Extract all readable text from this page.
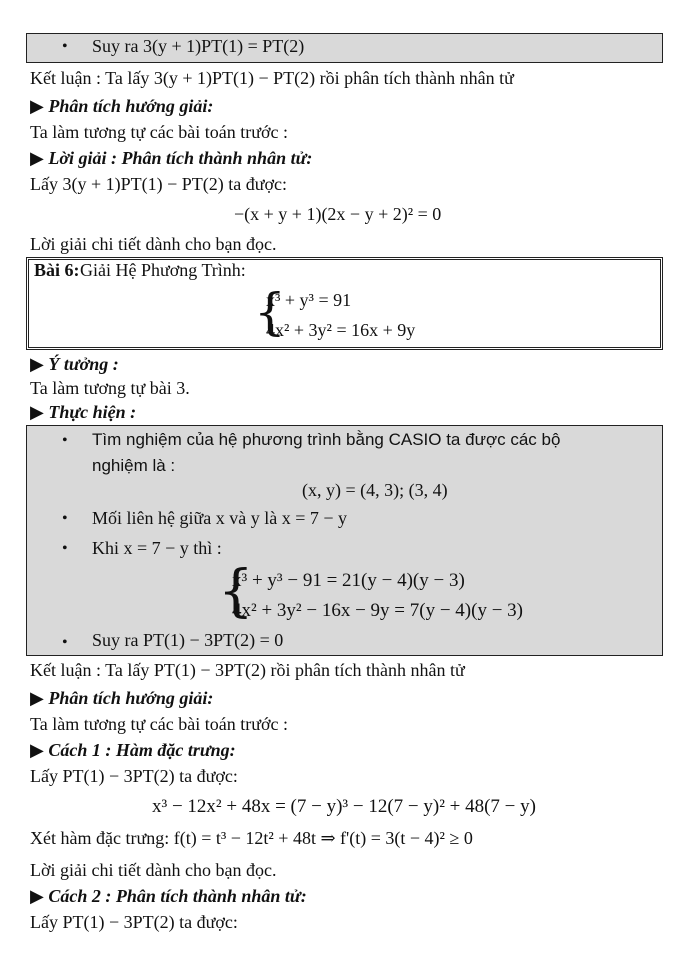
• Suy ra 3(y + 1)PT(1) = PT(2)
Kết luận : Ta lấy 3(y + 1)PT(1) − PT(2) rồi phân tích thành nhân tử
▶ Phân tích hướng giải:
Ta làm tương tự các bài toán trước :
▶ Lời giải : Phân tích thành nhân tử:
Lấy 3(y + 1)PT(1) − PT(2) ta được:
−(x + y + 1)(2x − y + 2)² = 0
Lời giải chi tiết dành cho bạn đọc.
Bài 6: Giải Hệ Phương Trình:
{
x³ + y³ = 91
4x² + 3y² = 16x + 9y
▶ Ý tưởng :
Ta làm tương tự bài 3.
▶ Thực hiện :
• Tìm nghiệm của hệ phương trình bằng CASIO ta được các bộ
nghiệm là :
(x, y) = (4, 3); (3, 4)
• Mối liên hệ giữa x và y là x = 7 − y
• Khi x = 7 − y thì :
{
x³ + y³ − 91 = 21(y − 4)(y − 3)
4x² + 3y² − 16x − 9y = 7(y − 4)(y − 3)
• Suy ra PT(1) − 3PT(2) = 0
Kết luận : Ta lấy PT(1) − 3PT(2) rồi phân tích thành nhân tử
▶ Phân tích hướng giải:
Ta làm tương tự các bài toán trước :
▶ Cách 1 : Hàm đặc trưng:
Lấy PT(1) − 3PT(2) ta được:
x³ − 12x² + 48x = (7 − y)³ − 12(7 − y)² + 48(7 − y)
Xét hàm đặc trưng: f(t) = t³ − 12t² + 48t ⇒ f'(t) = 3(t − 4)² ≥ 0
Lời giải chi tiết dành cho bạn đọc.
▶ Cách 2 : Phân tích thành nhân tử:
Lấy PT(1) − 3PT(2) ta được:
